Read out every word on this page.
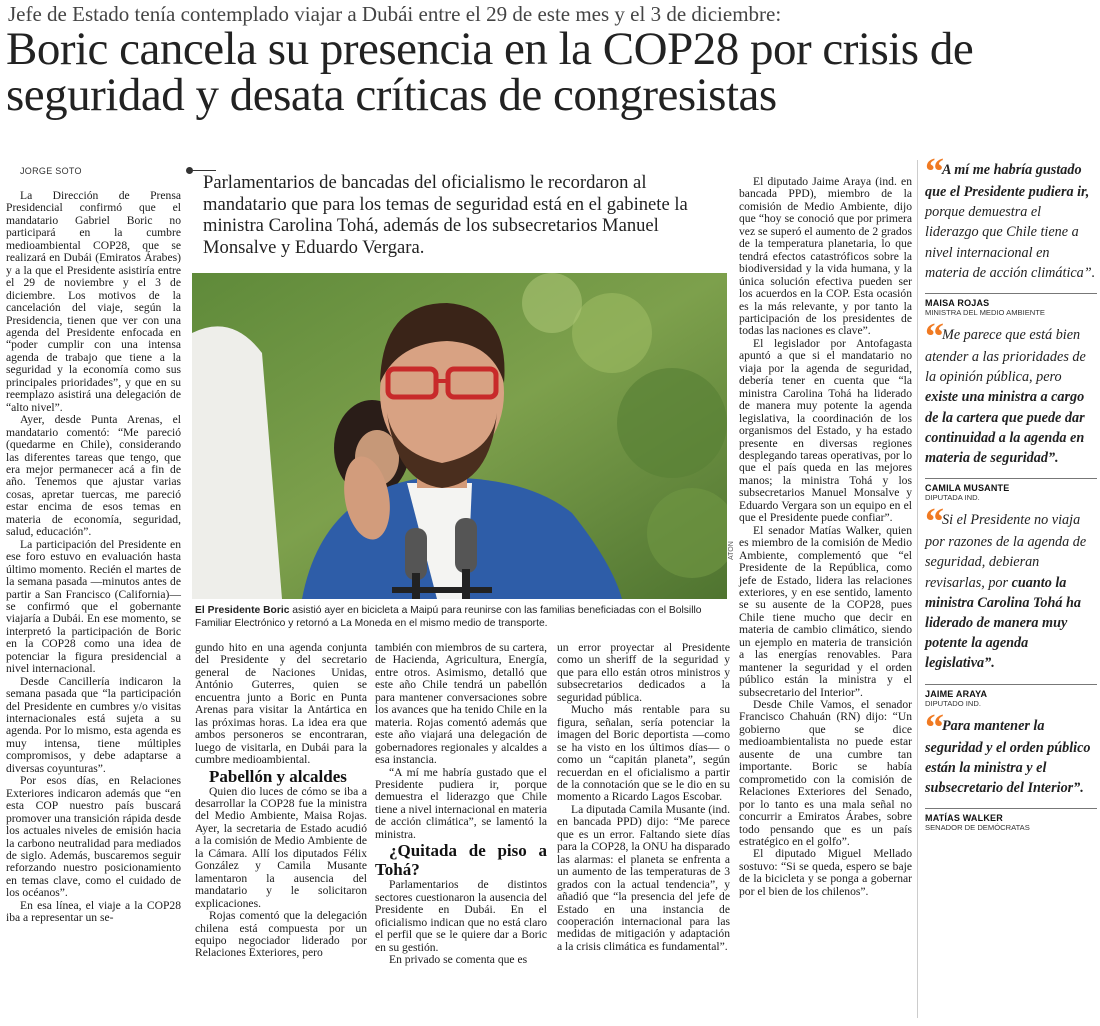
Jefe de Estado tenía contemplado viajar a Dubái entre el 29 de este mes y el 3 de diciembre:
Boric cancela su presencia en la COP28 por crisis de seguridad y desata críticas de congresistas
JORGE SOTO
Parlamentarios de bancadas del oficialismo le recordaron al mandatario que para los temas de seguridad está en el gabinete la ministra Carolina Tohá, además de los subsecretarios Manuel Monsalve y Eduardo Vergara.

La Dirección de Prensa Presidencial confirmó que el mandatario Gabriel Boric no participará en la cumbre medioambiental COP28, que se realizará en Dubái (Emiratos Árabes) y a la que el Presidente asistiría entre el 29 de noviembre y el 3 de diciembre. Los motivos de la cancelación del viaje, según la Presidencia, tienen que ver con una agenda del Presidente enfocada en “poder cumplir con una intensa agenda de trabajo que tiene a la seguridad y la economía como sus principales prioridades”, y que en su reemplazo asistirá una delegación de “alto nivel”.

Ayer, desde Punta Arenas, el mandatario comentó: “Me pareció (quedarme en Chile), considerando las diferentes tareas que tengo, que era mejor permanecer acá a fin de año. Tenemos que ajustar varias cosas, apretar tuercas, me pareció estar encima de esos temas en materia de economía, seguridad, salud, educación”.

La participación del Presidente en ese foro estuvo en evaluación hasta último momento. Recién el martes de la semana pasada —minutos antes de partir a San Francisco (California)— se confirmó que el gobernante viajaría a Dubái. En ese momento, se interpretó la participación de Boric en la COP28 como una idea de potenciar la figura presidencial a nivel internacional.

Desde Cancillería indicaron la semana pasada que “la participación del Presidente en cumbres y/o visitas internacionales está sujeta a su agenda. Por lo mismo, esta agenda es muy intensa, tiene múltiples compromisos, y debe adaptarse a diversas coyunturas”.

Por esos días, en Relaciones Exteriores indicaron además que “en esta COP nuestro país buscará promover una transición rápida desde los actuales niveles de emisión hacia la carbono neutralidad para mediados de siglo. Además, buscaremos seguir reforzando nuestro posicionamiento en temas clave, como el cuidado de los océanos”.

En esa línea, el viaje a la COP28 iba a representar un se-

ATON
El Presidente Boric asistió ayer en bicicleta a Maipú para reunirse con las familias beneficiadas con el Bolsillo Familiar Electrónico y retornó a La Moneda en el mismo medio de transporte.

gundo hito en una agenda conjunta del Presidente y del secretario general de Naciones Unidas, António Guterres, quien se encuentra junto a Boric en Punta Arenas para visitar la Antártica en las próximas horas. La idea era que ambos personeros se encontraran, luego de visitarla, en Dubái para la cumbre medioambiental.

Pabellón y alcaldes

Quien dio luces de cómo se iba a desarrollar la COP28 fue la ministra del Medio Ambiente, Maisa Rojas. Ayer, la secretaria de Estado acudió a la comisión de Medio Ambiente de la Cámara. Allí los diputados Félix González y Camila Musante lamentaron la ausencia del mandatario y le solicitaron explicaciones.

Rojas comentó que la delegación chilena está compuesta por un equipo negociador liderado por Relaciones Exteriores, pero

también con miembros de su cartera, de Hacienda, Agricultura, Energía, entre otros. Asimismo, detalló que este año Chile tendrá un pabellón para mantener conversaciones sobre los avances que ha tenido Chile en la materia. Rojas comentó además que este año viajará una delegación de gobernadores regionales y alcaldes a esa instancia.

“A mí me habría gustado que el Presidente pudiera ir, porque demuestra el liderazgo que Chile tiene a nivel internacional en materia de acción climática”, se lamentó la ministra.

¿Quitada de piso a Tohá?

Parlamentarios de distintos sectores cuestionaron la ausencia del Presidente en Dubái. En el oficialismo indican que no está claro el perfil que se le quiere dar a Boric en su gestión.

En privado se comenta que es

un error proyectar al Presidente como un sheriff de la seguridad y que para ello están otros ministros y subsecretarios dedicados a la seguridad pública.

Mucho más rentable para su figura, señalan, sería potenciar la imagen del Boric deportista —como se ha visto en los últimos días— o como un “capitán planeta”, según recuerdan en el oficialismo a partir de la connotación que se le dio en su momento a Ricardo Lagos Escobar.

La diputada Camila Musante (ind. en bancada PPD) dijo: “Me parece que es un error. Faltando siete días para la COP28, la ONU ha disparado las alarmas: el planeta se enfrenta a un aumento de las temperaturas de 3 grados con la actual tendencia”, y añadió que “la presencia del jefe de Estado en una instancia de cooperación internacional para las medidas de mitigación y adaptación a la crisis climática es fundamental”.

El diputado Jaime Araya (ind. en bancada PPD), miembro de la comisión de Medio Ambiente, dijo que “hoy se conoció que por primera vez se superó el aumento de 2 grados de la temperatura planetaria, lo que tendrá efectos catastróficos sobre la biodiversidad y la vida humana, y la única solución efectiva pueden ser los acuerdos en la COP. Esta ocasión es la más relevante, y por tanto la participación de los presidentes de todas las naciones es clave”.

El legislador por Antofagasta apuntó a que si el mandatario no viaja por la agenda de seguridad, debería tener en cuenta que “la ministra Carolina Tohá ha liderado de manera muy potente la agenda legislativa, la coordinación de los organismos del Estado, y ha estado presente en diversas regiones desplegando tareas operativas, por lo que el país queda en las mejores manos; la ministra Tohá y los subsecretarios Manuel Monsalve y Eduardo Vergara son un equipo en el que el Presidente puede confiar”.

El senador Matías Walker, quien es miembro de la comisión de Medio Ambiente, complementó que “el Presidente de la República, como jefe de Estado, lidera las relaciones exteriores, y en ese sentido, lamento se su ausente de la COP28, pues Chile tiene mucho que decir en materia de cambio climático, siendo un ejemplo en materia de transición a las energías renovables. Para mantener la seguridad y el orden público están la ministra y el subsecretario del Interior”.

Desde Chile Vamos, el senador Francisco Chahuán (RN) dijo: “Un gobierno que se dice medioambientalista no puede estar ausente de una cumbre tan importante. Boric se había comprometido con la comisión de Relaciones Exteriores del Senado, por lo tanto es una mala señal no concurrir a Emiratos Árabes, sobre todo pensando que es un país estratégico en el golfo”.

El diputado Miguel Mellado sostuvo: “Si se queda, espero se baje de la bicicleta y se ponga a gobernar por el bien de los chilenos”.

“ A mí me habría gustado que el Presidente pudiera ir, porque demuestra el liderazgo que Chile tiene a nivel internacional en materia de acción climática”.
MAISA ROJAS
MINISTRA DEL MEDIO AMBIENTE
“ Me parece que está bien atender a las prioridades de la opinión pública, pero existe una ministra a cargo de la cartera que puede dar continuidad a la agenda en materia de seguridad”.
CAMILA MUSANTE
DIPUTADA IND.
“ Si el Presidente no viaja por razones de la agenda de seguridad, debieran revisarlas, por cuanto la ministra Carolina Tohá ha liderado de manera muy potente la agenda legislativa”.
JAIME ARAYA
DIPUTADO IND.
“ Para mantener la seguridad y el orden público están la ministra y el subsecretario del Interior”.
MATÍAS WALKER
SENADOR DE DEMÓCRATAS
